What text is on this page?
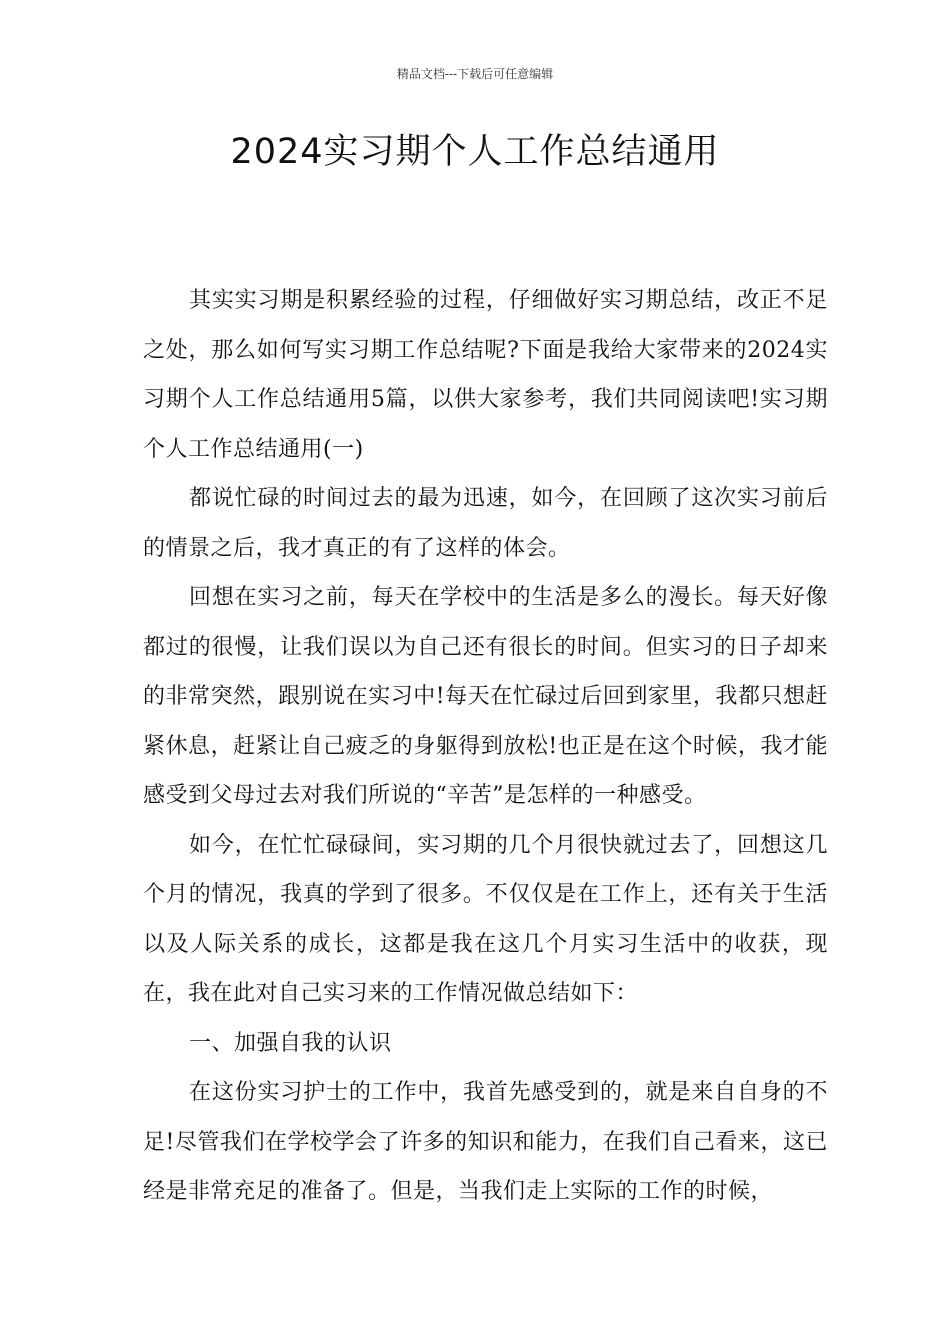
精品文档---下载后可任意编辑
2024实习期个人工作总结通用

其实实习期是积累经验的过程，仔细做好实习期总结，改正不足之处，那么如何写实习期工作总结呢?下面是我给大家带来的2024实习期个人工作总结通用5篇，以供大家参考，我们共同阅读吧!实习期个人工作总结通用(一)

都说忙碌的时间过去的最为迅速，如今，在回顾了这次实习前后的情景之后，我才真正的有了这样的体会。

回想在实习之前，每天在学校中的生活是多么的漫长。每天好像都过的很慢，让我们误以为自己还有很长的时间。但实习的日子却来的非常突然，跟别说在实习中!每天在忙碌过后回到家里，我都只想赶紧休息，赶紧让自己疲乏的身躯得到放松!也正是在这个时候，我才能感受到父母过去对我们所说的“辛苦”是怎样的一种感受。

如今，在忙忙碌碌间，实习期的几个月很快就过去了，回想这几个月的情况，我真的学到了很多。不仅仅是在工作上，还有关于生活以及人际关系的成长，这都是我在这几个月实习生活中的收获，现在，我在此对自己实习来的工作情况做总结如下：

一、加强自我的认识

在这份实习护士的工作中，我首先感受到的，就是来自自身的不足!尽管我们在学校学会了许多的知识和能力，在我们自己看来，这已经是非常充足的准备了。但是，当我们走上实际的工作的时候，
